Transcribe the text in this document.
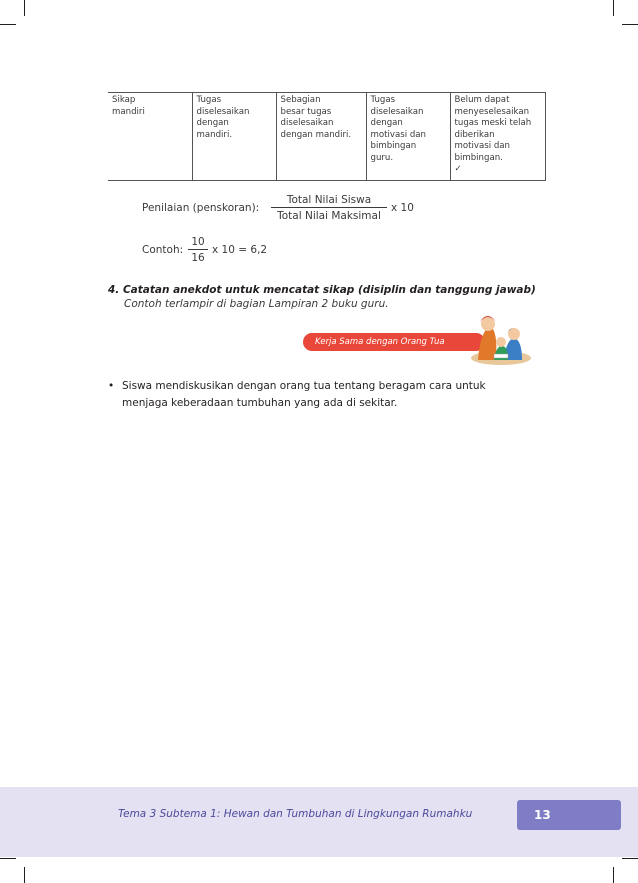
Sikap
mandiri

Tugas
diselesaikan
dengan
mandiri.

Sebagian
besar tugas
diselesaikan
dengan mandiri.

Tugas
diselesaikan
dengan
motivasi dan
bimbingan
guru.

Belum dapat
menyeselesaikan
tugas meski telah
diberikan
motivasi dan
bimbingan.
✓
Penilaian (penskoran):
Total Nilai Siswa
Total Nilai Maksimal
x 10
Contoh:
10
16
x 10 = 6,2
4. Catatan anekdot untuk mencatat sikap (disiplin dan tanggung jawab)
Contoh terlampir di bagian Lampiran 2 buku guru.
Kerja Sama dengan Orang Tua
• Siswa mendiskusikan dengan orang tua tentang beragam cara untuk menjaga keberadaan tumbuhan yang ada di sekitar.
Tema 3 Subtema 1: Hewan dan Tumbuhan di Lingkungan Rumahku	13
